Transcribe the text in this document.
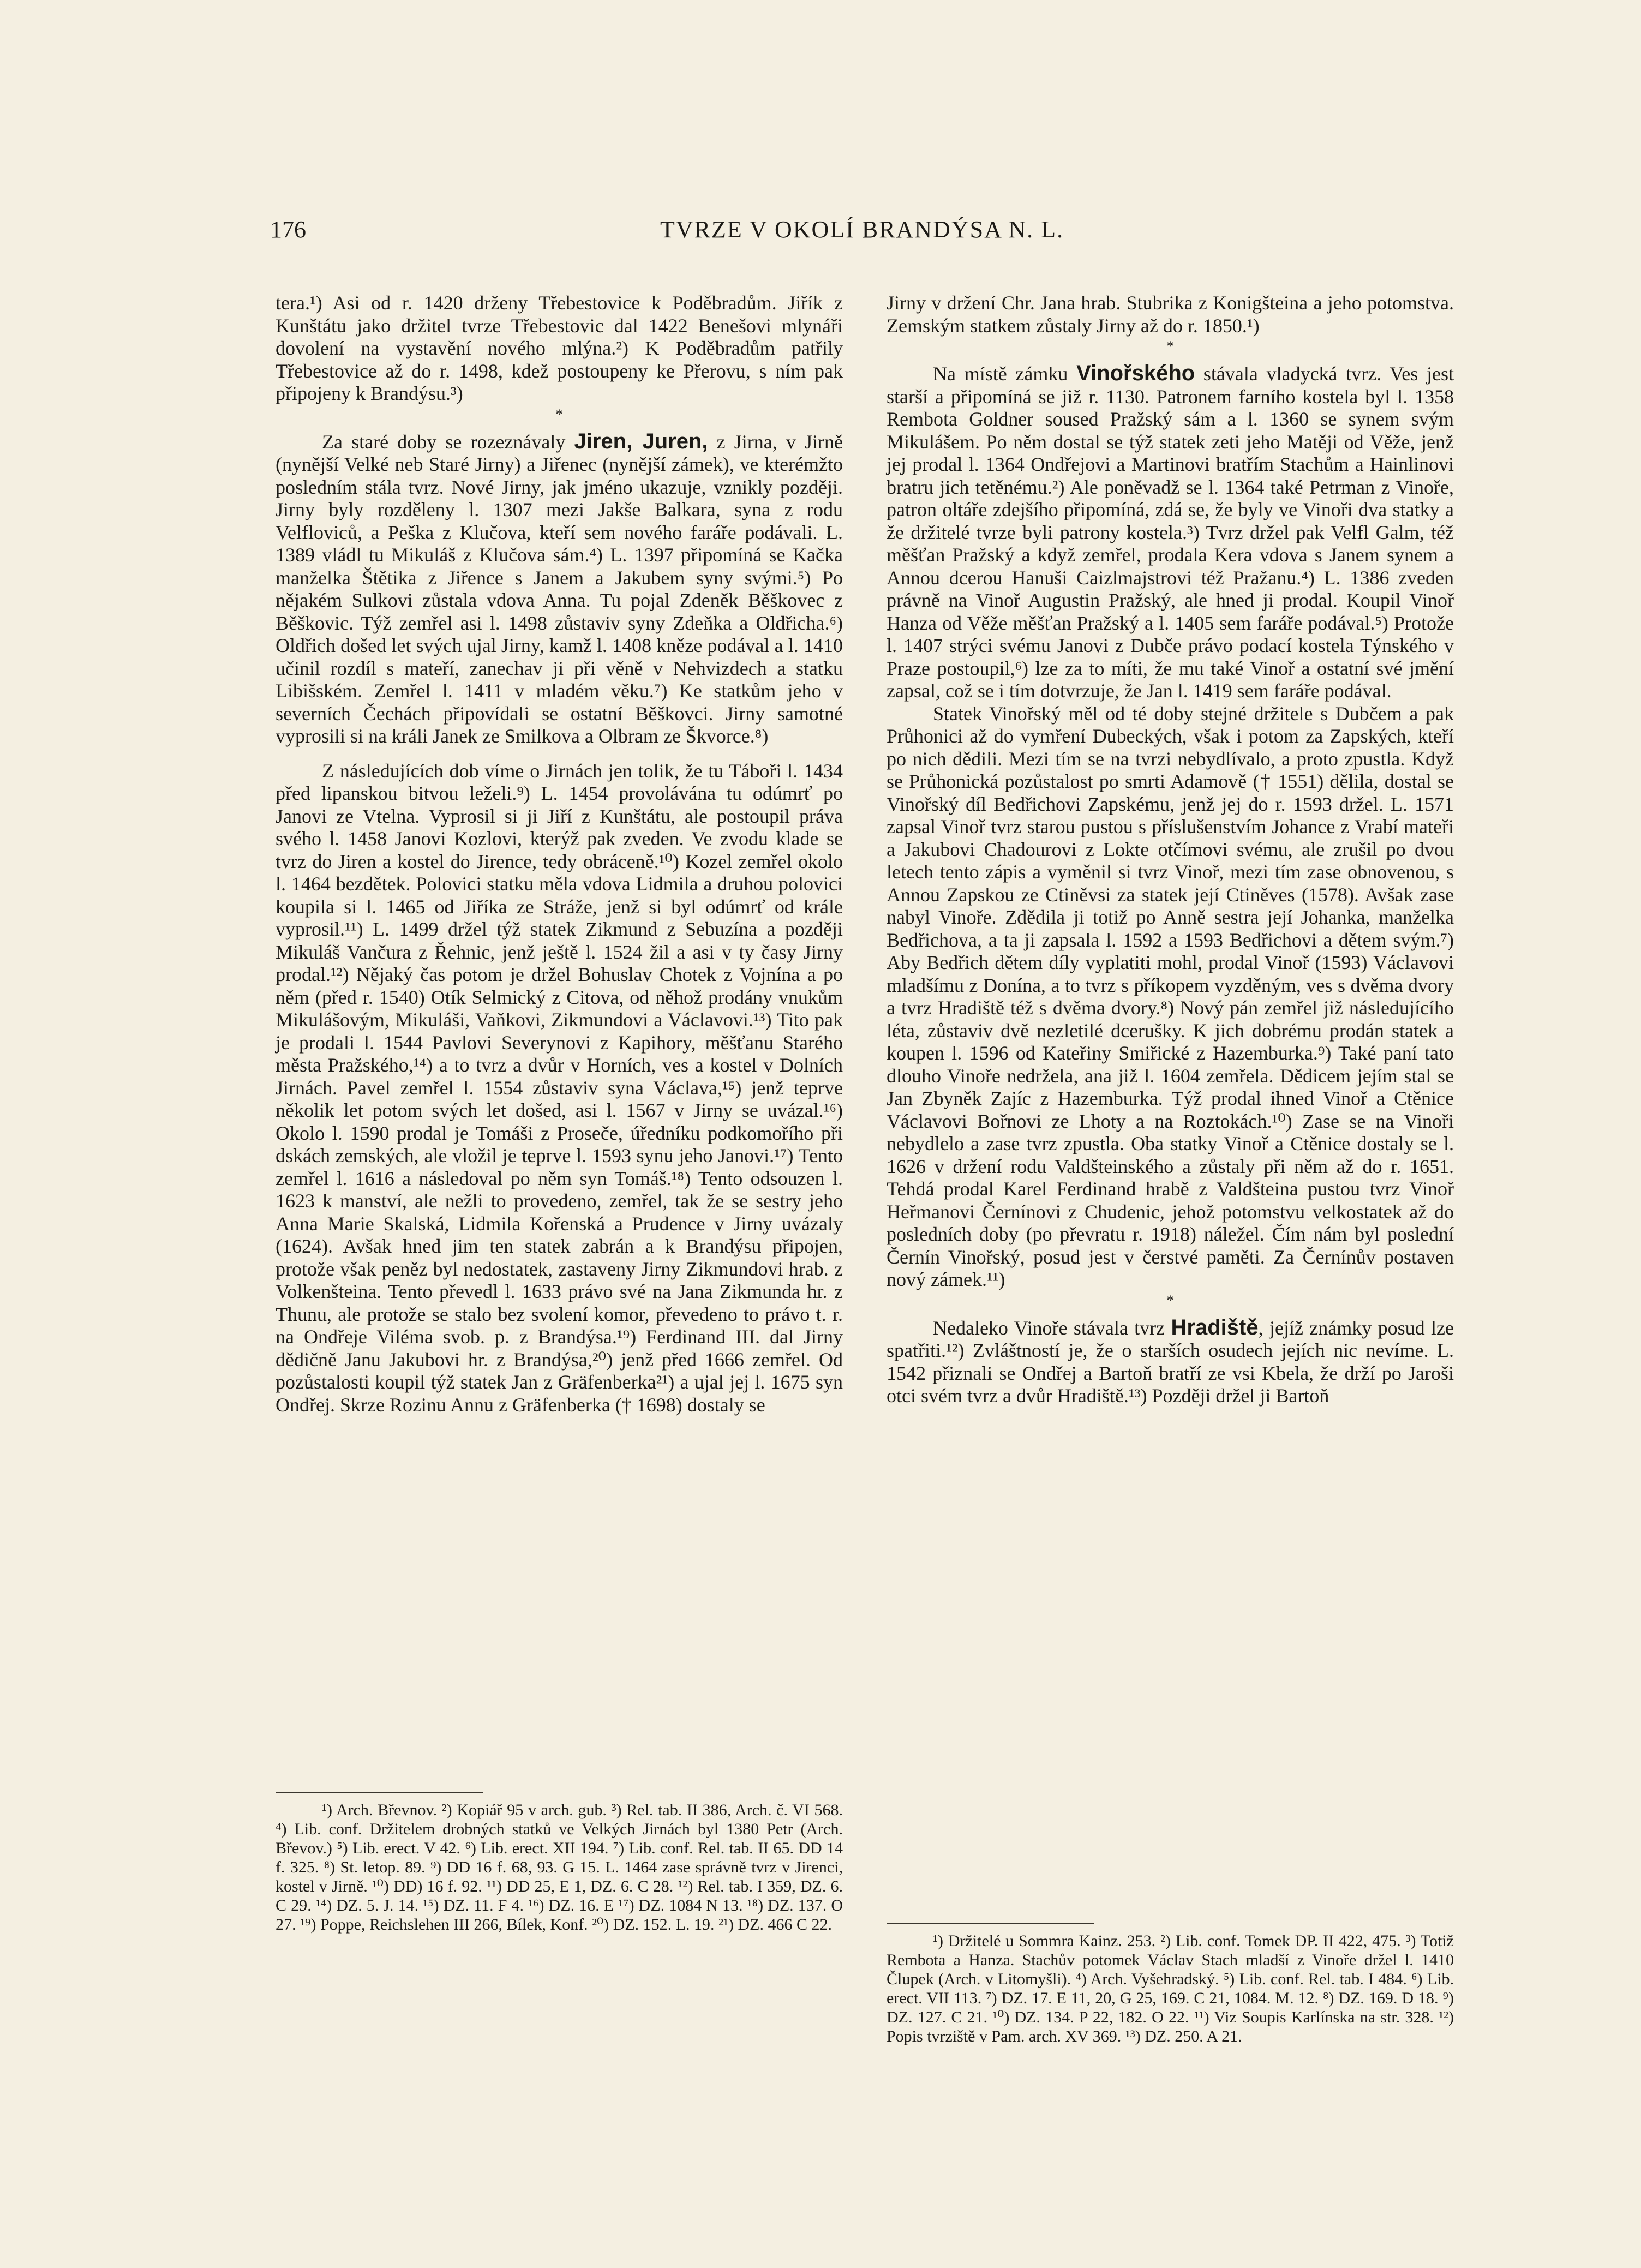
176	TVRZE V OKOLÍ BRANDÝSA N. L.

tera.¹) Asi od r. 1420 drženy Třebestovice k Poděbradům. Jiřík z Kunštátu jako držitel tvrze Třebestovic dal 1422 Benešovi mlynáři dovolení na vystavění nového mlýna.²) K Poděbradům patřily Třebestovice až do r. 1498, kdež postoupeny ke Přerovu, s ním pak připojeny k Brandýsu.³)

*

Za staré doby se rozeznávaly Jiren, Juren, z Jirna, v Jirně (nynější Velké neb Staré Jirny) a Jiřenec (nynější zámek), ve kterémžto posledním stála tvrz. Nové Jirny, jak jméno ukazuje, vznikly později. Jirny byly rozděleny l. 1307 mezi Jakše Balkara, syna z rodu Velfloviců, a Peška z Klučova, kteří sem nového faráře podávali. L. 1389 vládl tu Mikuláš z Klučova sám.⁴) L. 1397 připomíná se Kačka manželka Štětika z Jiřence s Janem a Jakubem syny svými.⁵) Po nějakém Sulkovi zůstala vdova Anna. Tu pojal Zdeněk Běškovec z Běškovic. Týž zemřel asi l. 1498 zůstaviv syny Zdeňka a Oldřicha.⁶) Oldřich došed let svých ujal Jirny, kamž l. 1408 kněze podával a l. 1410 učinil rozdíl s mateří, zanechav ji při věně v Nehvizdech a statku Libišském. Zemřel l. 1411 v mladém věku.⁷) Ke statkům jeho v severních Čechách připovídali se ostatní Běškovci. Jirny samotné vyprosili si na králi Janek ze Smilkova a Olbram ze Škvorce.⁸)

Z následujících dob víme o Jirnách jen tolik, že tu Táboři l. 1434 před lipanskou bitvou leželi.⁹) L. 1454 provolávána tu odúmrť po Janovi ze Vtelna. Vyprosil si ji Jiří z Kunštátu, ale postoupil práva svého l. 1458 Janovi Kozlovi, kterýž pak zveden. Ve zvodu klade se tvrz do Jiren a kostel do Jirence, tedy obráceně.¹⁰) Kozel zemřel okolo l. 1464 bezdětek. Polovici statku měla vdova Lidmila a druhou polovici koupila si l. 1465 od Jiříka ze Stráže, jenž si byl odúmrť od krále vyprosil.¹¹) L. 1499 držel týž statek Zikmund z Sebuzína a později Mikuláš Vančura z Řehnic, jenž ještě l. 1524 žil a asi v ty časy Jirny prodal.¹²) Nějaký čas potom je držel Bohuslav Chotek z Vojnína a po něm (před r. 1540) Otík Selmický z Citova, od něhož prodány vnukům Mikulášovým, Mikuláši, Vaňkovi, Zikmundovi a Václavovi.¹³) Tito pak je prodali l. 1544 Pavlovi Severynovi z Kapihory, měšťanu Starého města Pražského,¹⁴) a to tvrz a dvůr v Horních, ves a kostel v Dolních Jirnách. Pavel zemřel l. 1554 zůstaviv syna Václava,¹⁵) jenž teprve několik let potom svých let došed, asi l. 1567 v Jirny se uvázal.¹⁶) Okolo l. 1590 prodal je Tomáši z Proseče, úředníku podkomořího při dskách zemských, ale vložil je teprve l. 1593 synu jeho Janovi.¹⁷) Tento zemřel l. 1616 a následoval po něm syn Tomáš.¹⁸) Tento odsouzen l. 1623 k manství, ale nežli to provedeno, zemřel, tak že se sestry jeho Anna Marie Skalská, Lidmila Kořenská a Prudence v Jirny uvázaly (1624). Avšak hned jim ten statek zabrán a k Brandýsu připojen, protože však peněz byl nedostatek, zastaveny Jirny Zikmundovi hrab. z Volkenšteina. Tento převedl l. 1633 právo své na Jana Zikmunda hr. z Thunu, ale protože se stalo bez svolení komor, převedeno to právo t. r. na Ondřeje Viléma svob. p. z Brandýsa.¹⁹) Ferdinand III. dal Jirny dědičně Janu Jakubovi hr. z Brandýsa,²⁰) jenž před 1666 zemřel. Od pozůstalosti koupil týž statek Jan z Gräfenberka²¹) a ujal jej l. 1675 syn Ondřej. Skrze Rozinu Annu z Gräfenberka († 1698) dostaly se

¹) Arch. Břevnov. ²) Kopiář 95 v arch. gub. ³) Rel. tab. II 386, Arch. č. VI 568. ⁴) Lib. conf. Držitelem drobných statků ve Velkých Jirnách byl 1380 Petr (Arch. Břevov.) ⁵) Lib. erect. V 42. ⁶) Lib. erect. XII 194. ⁷) Lib. conf. Rel. tab. II 65. DD 14 f. 325. ⁸) St. letop. 89. ⁹) DD 16 f. 68, 93. G 15. L. 1464 zase správně tvrz v Jirenci, kostel v Jirně. ¹⁰) DD) 16 f. 92. ¹¹) DD 25, E 1, DZ. 6. C 28. ¹²) Rel. tab. I 359, DZ. 6. C 29. ¹⁴) DZ. 5. J. 14. ¹⁵) DZ. 11. F 4. ¹⁶) DZ. 16. E ¹⁷) DZ. 1084 N 13. ¹⁸) DZ. 137. O 27. ¹⁹) Poppe, Reichslehen III 266, Bílek, Konf. ²⁰) DZ. 152. L. 19. ²¹) DZ. 466 C 22.

Jirny v držení Chr. Jana hrab. Stubrika z Konigšteina a jeho potomstva. Zemským statkem zůstaly Jirny až do r. 1850.¹)

*

Na místě zámku Vinořského stávala vladycká tvrz. Ves jest starší a připomíná se již r. 1130. Patronem farního kostela byl l. 1358 Rembota Goldner soused Pražský sám a l. 1360 se synem svým Mikulášem. Po něm dostal se týž statek zeti jeho Matěji od Věže, jenž jej prodal l. 1364 Ondřejovi a Martinovi bratřím Stachům a Hainlinovi bratru jich tetěnému.²) Ale poněvadž se l. 1364 také Petrman z Vinoře, patron oltáře zdejšího připomíná, zdá se, že byly ve Vinoři dva statky a že držitelé tvrze byli patrony kostela.³) Tvrz držel pak Velfl Galm, též měšťan Pražský a když zemřel, prodala Kera vdova s Janem synem a Annou dcerou Hanuši Caizlmajstrovi též Pražanu.⁴) L. 1386 zveden právně na Vinoř Augustin Pražský, ale hned ji prodal. Koupil Vinoř Hanza od Věže měšťan Pražský a l. 1405 sem faráře podával.⁵) Protože l. 1407 strýci svému Janovi z Dubče právo podací kostela Týnského v Praze postoupil,⁶) lze za to míti, že mu také Vinoř a ostatní své jmění zapsal, což se i tím dotvrzuje, že Jan l. 1419 sem faráře podával.

Statek Vinořský měl od té doby stejné držitele s Dubčem a pak Průhonici až do vymření Dubeckých, však i potom za Zapských, kteří po nich dědili. Mezi tím se na tvrzi nebydlívalo, a proto zpustla. Když se Průhonická pozůstalost po smrti Adamově († 1551) dělila, dostal se Vinořský díl Bedřichovi Zapskému, jenž jej do r. 1593 držel. L. 1571 zapsal Vinoř tvrz starou pustou s příslušenstvím Johance z Vrabí mateři a Jakubovi Chadourovi z Lokte otčímovi svému, ale zrušil po dvou letech tento zápis a vyměnil si tvrz Vinoř, mezi tím zase obnovenou, s Annou Zapskou ze Ctiněvsi za statek její Ctiněves (1578). Avšak zase nabyl Vinoře. Zdědila ji totiž po Anně sestra její Johanka, manželka Bedřichova, a ta ji zapsala l. 1592 a 1593 Bedřichovi a dětem svým.⁷) Aby Bedřich dětem díly vyplatiti mohl, prodal Vinoř (1593) Václavovi mladšímu z Donína, a to tvrz s příkopem vyzděným, ves s dvěma dvory a tvrz Hradiště též s dvěma dvory.⁸) Nový pán zemřel již následujícího léta, zůstaviv dvě nezletilé dcerušky. K jich dobrému prodán statek a koupen l. 1596 od Kateřiny Smiřické z Hazemburka.⁹) Také paní tato dlouho Vinoře nedržela, ana již l. 1604 zemřela. Dědicem jejím stal se Jan Zbyněk Zajíc z Hazemburka. Týž prodal ihned Vinoř a Ctěnice Václavovi Bořnovi ze Lhoty a na Roztokách.¹⁰) Zase se na Vinoři nebydlelo a zase tvrz zpustla. Oba statky Vinoř a Ctěnice dostaly se l. 1626 v držení rodu Valdšteinského a zůstaly při něm až do r. 1651. Tehdá prodal Karel Ferdinand hrabě z Valdšteina pustou tvrz Vinoř Heřmanovi Černínovi z Chudenic, jehož potomstvu velkostatek až do posledních doby (po převratu r. 1918) náležel. Čím nám byl poslední Černín Vinořský, posud jest v čerstvé paměti. Za Černínův postaven nový zámek.¹¹)

*

Nedaleko Vinoře stávala tvrz Hradiště, jejíž známky posud lze spatřiti.¹²) Zvláštností je, že o starších osudech jejích nic nevíme. L. 1542 přiznali se Ondřej a Bartoň bratří ze vsi Kbela, že drží po Jaroši otci svém tvrz a dvůr Hradiště.¹³) Později držel ji Bartoň

¹) Držitelé u Sommra Kainz. 253. ²) Lib. conf. Tomek DP. II 422, 475. ³) Totiž Rembota a Hanza. Stachův potomek Václav Stach mladší z Vinoře držel l. 1410 Člupek (Arch. v Litomyšli). ⁴) Arch. Vyšehradský. ⁵) Lib. conf. Rel. tab. I 484. ⁶) Lib. erect. VII 113. ⁷) DZ. 17. E 11, 20, G 25, 169. C 21, 1084. M. 12. ⁸) DZ. 169. D 18. ⁹) DZ. 127. C 21. ¹⁰) DZ. 134. P 22, 182. O 22. ¹¹) Viz Soupis Karlínska na str. 328. ¹²) Popis tvrziště v Pam. arch. XV 369. ¹³) DZ. 250. A 21.
